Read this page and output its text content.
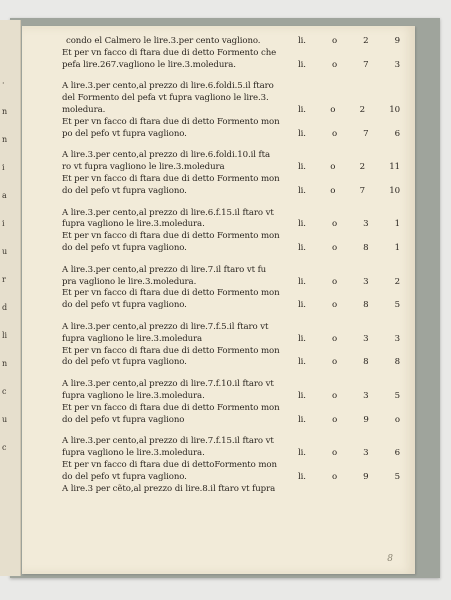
·
n
n
i
a
i
u
r
d
li
n
c
u
c
condo el Calmero le lire.3.per cento vagliono.	li.	o	2	9
Et per vn facco di ftara due di detto Formento che
pefa lire.267.vagliono le lire.3.moledura.	li.	o	7	3
A lire.3.per cento,al prezzo di lire.6.foldi.5.il ftaro
del Formento del pefa vt fupra vagliono le lire.3.
moledura.	li.	o	2	10
Et per vn facco di ftara due di detto Formento mon
po del pefo vt fupra vagliono.	li.	o	7	6
A lire.3.per cento,al prezzo di lire.6.foldi.10.il fta
ro vt fupra vagliono le lire.3.moledura	li.	o	2	11
Et per vn facco di ftara due di detto Formento mon
do del pefo vt fupra vagliono.	li.	o	7	10
A lire.3.per cento,al prezzo di lire.6.f.15.il ftaro vt
fupra vagliono le lire.3.moledura.	li.	o	3	1
Et per vn facco di ftara due di detto Formento mon
do del pefo vt fupra vagliono.	li.	o	8	1
A lire.3.per cento,al prezzo di lire.7.il ftaro vt fu
pra vagliono le lire.3.moledura.	li.	o	3	2
Et per vn facco di ftara due di detto Formento mon
do del pefo vt fupra vagliono.	li.	o	8	5
A lire.3.per cento,al prezzo di lire.7.f.5.il ftaro vt
fupra vagliono le lire.3.moledura	li.	o	3	3
Et per vn facco di ftara due di detto Formento mon
do del pefo vt fupra vagliono.	li.	o	8	8
A lire.3.per cento,al prezzo di lire.7.f.10.il ftaro vt
fupra vagliono le lire.3.moledura.	li.	o	3	5
Et per vn facco di ftara due di detto Formento mon
do del pefo vt fupra vagliono	li.	o	9	o
A lire.3.per cento,al prezzo di lire.7.f.15.il ftaro vt
fupra vagliono le lire.3.moledura.	li.	o	3	6
Et per vn facco di ftara due di dettoFormento mon
do del pefo vt fupra vagliono.	li.	o	9	5
A lire.3 per cẽto,al prezzo di lire.8.il ftaro vt fupra
8
